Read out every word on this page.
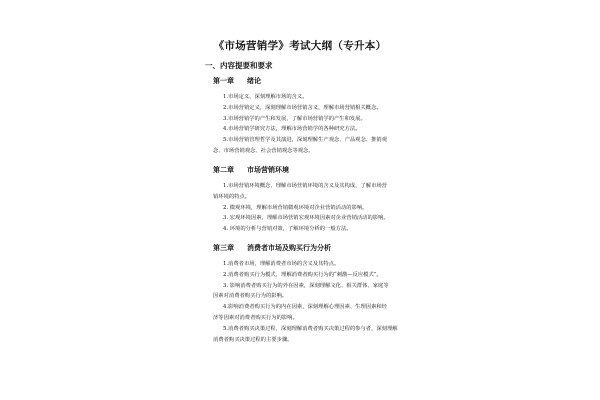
《市场营销学》考试大纲（专升本）
一、内容提要和要求
第一章 绪论
1.市场定义，深刻理解市场的含义。
2.市场营销定义，深刻理解市场营销含义，理解市场营销相关概念。
3.市场营销学的产生和发展，了解市场营销学的产生和发展。
4.市场营销学研究方法，理解市场营销学的各种研究方法。
5.市场营销管理哲学及其演进，深刻理解生产观念、产品观念、推销观
念、市场营销观念、社会营销观念等观念。
第二章 市场营销环境
1.市场营销环境概念，理解市场营销环境的含义及其构成，了解市场营
销环境的特点。
2. 微观环境，理解市场营销微观环境对企业营销活动的影响。
3. 宏观环境因素，理解市场营销宏观环境因素对企业营销活动的影响。
4. 环境的分析与营销对策，了解环境分析的一般方法。
第三章 消费者市场及购买行为分析
1.消费者市场，理解消费者市场的含义及其特点。
2.消费者购买行为模式，理解消费者购买行为的“刺激—反应模式”。
3. 影响消费者购买行为的外在因素，深刻理解文化、相关群体、家庭等
因素对消费者购买行为的影响。
4.影响消费者购买行为的内在因素，深刻理解心理因素、生理因素和经
济等因素对消费者购买行为的影响。
5.消费者购买决策过程，深刻理解消费者购买决策过程的参与者，深刻理解
消费者购买决策过程的主要步骤。
